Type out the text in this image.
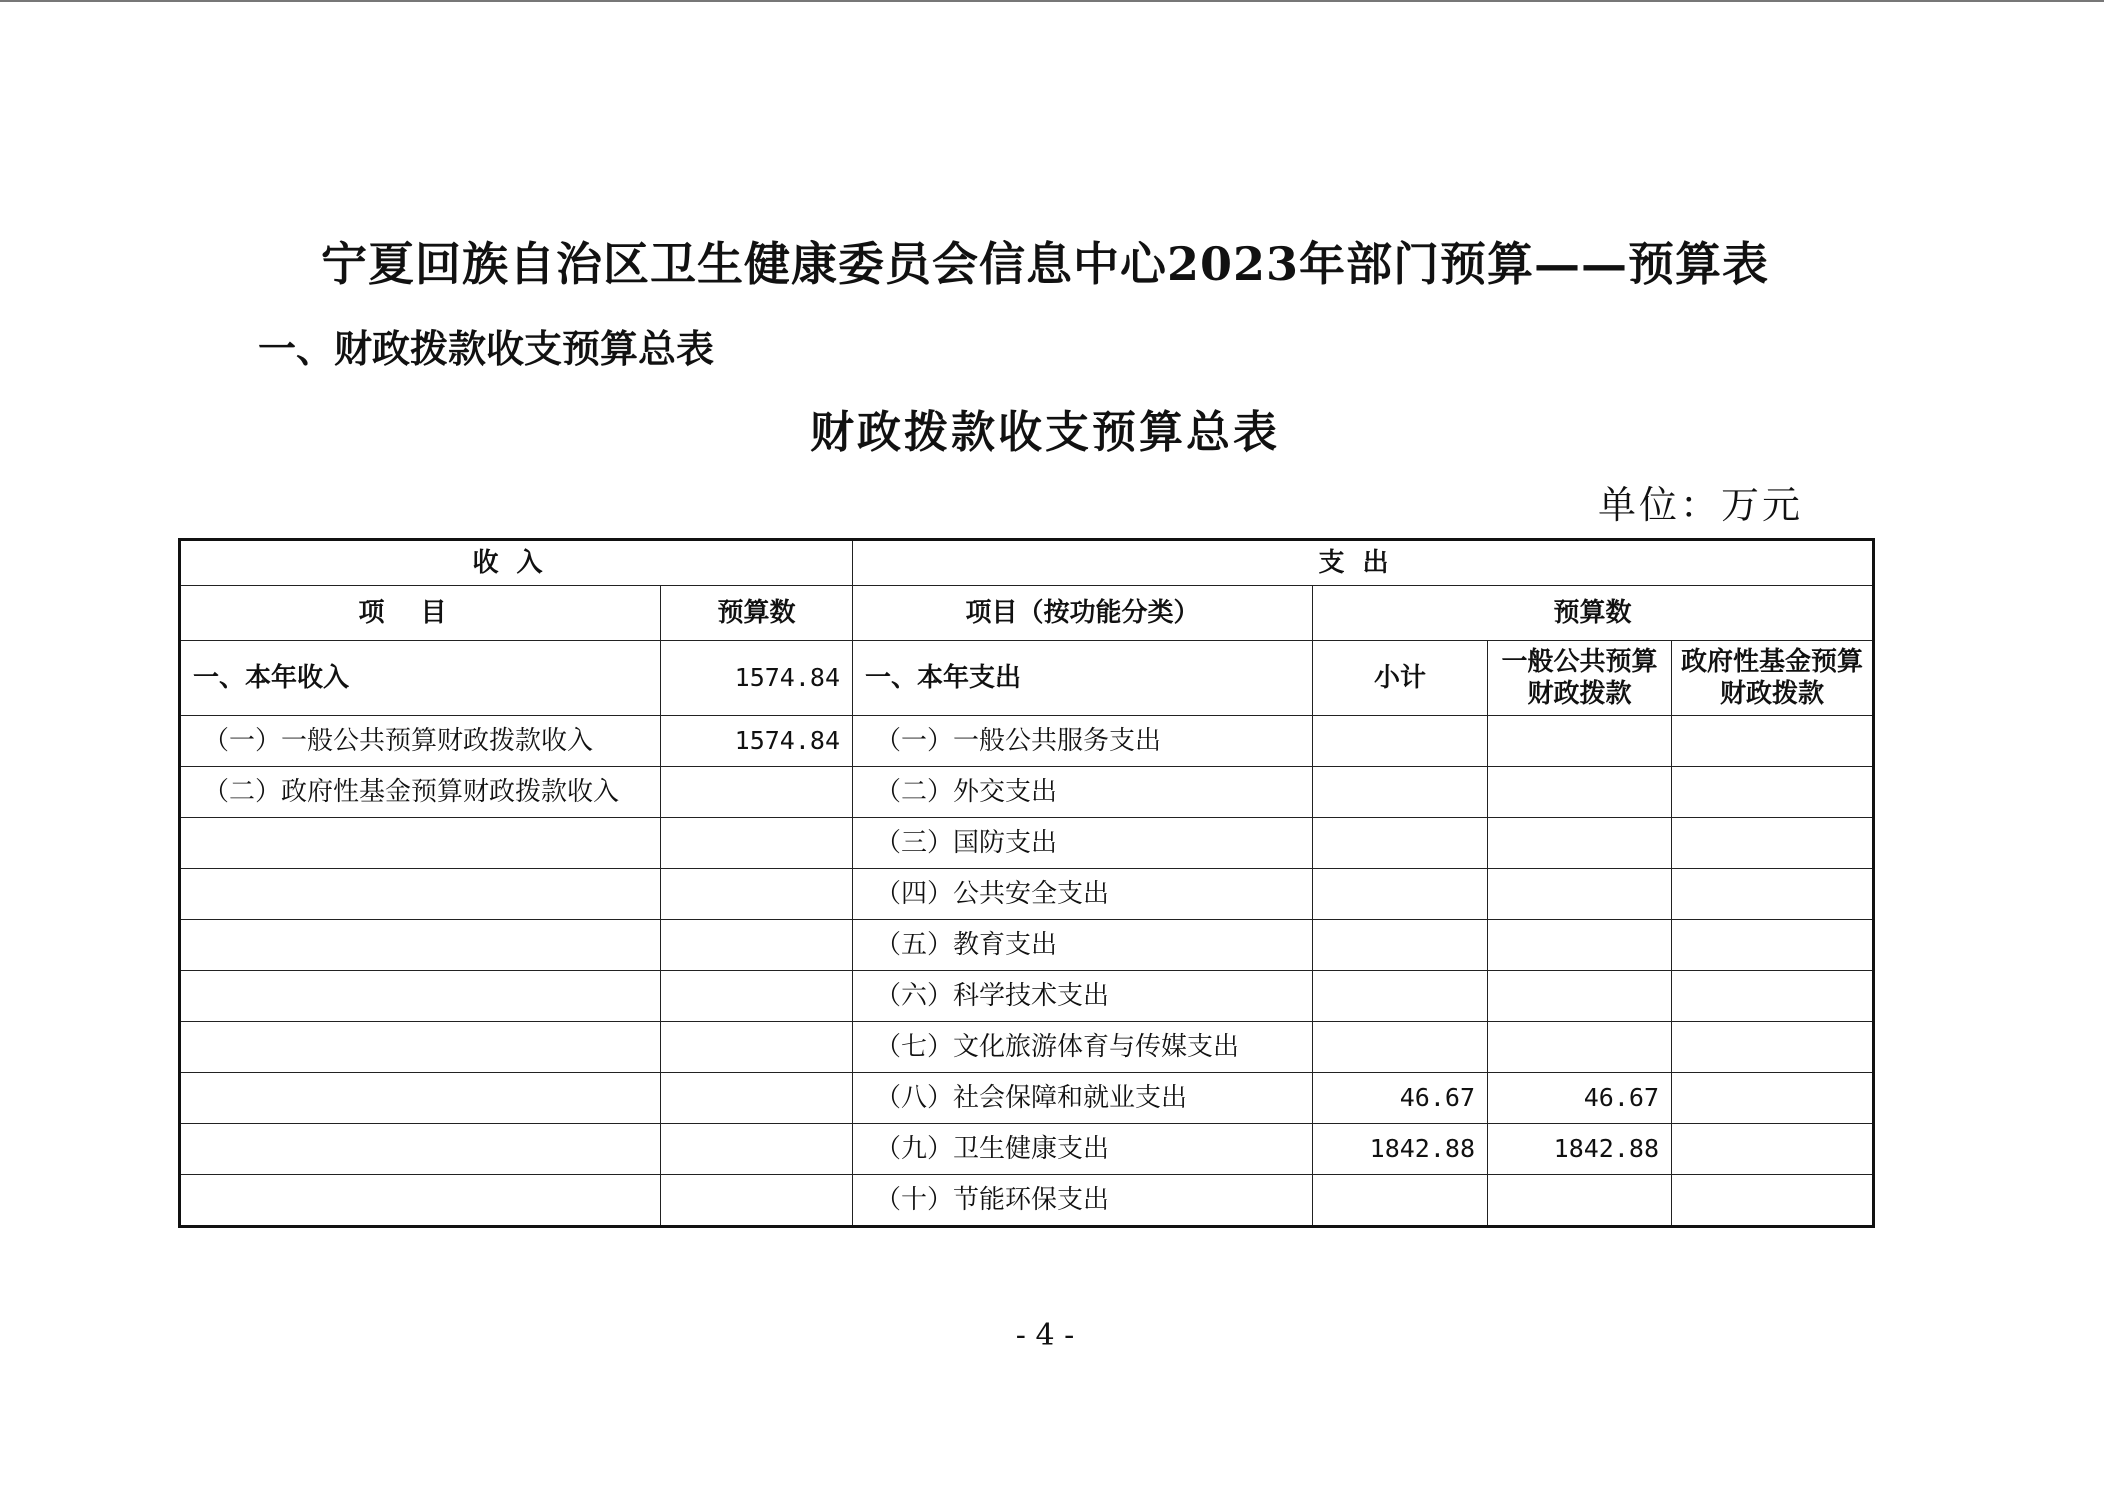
宁夏回族自治区卫生健康委员会信息中心2023年部门预算——预算表
一、财政拨款收支预算总表
财政拨款收支预算总表
单位：万元
收入		支出			
项目	预算数	项目（按功能分类）	预算数		
一、本年收入	1574.84	一、本年支出	小计	一般公共预算财政拨款	政府性基金预算财政拨款
（一）一般公共预算财政拨款收入	1574.84	（一）一般公共服务支出			
（二）政府性基金预算财政拨款收入		（二）外交支出			
		（三）国防支出			
		（四）公共安全支出			
		（五）教育支出			
		（六）科学技术支出			
		（七）文化旅游体育与传媒支出			
		（八）社会保障和就业支出	46.67	46.67	
		（九）卫生健康支出	1842.88	1842.88	
		（十）节能环保支出			
- 4 -
